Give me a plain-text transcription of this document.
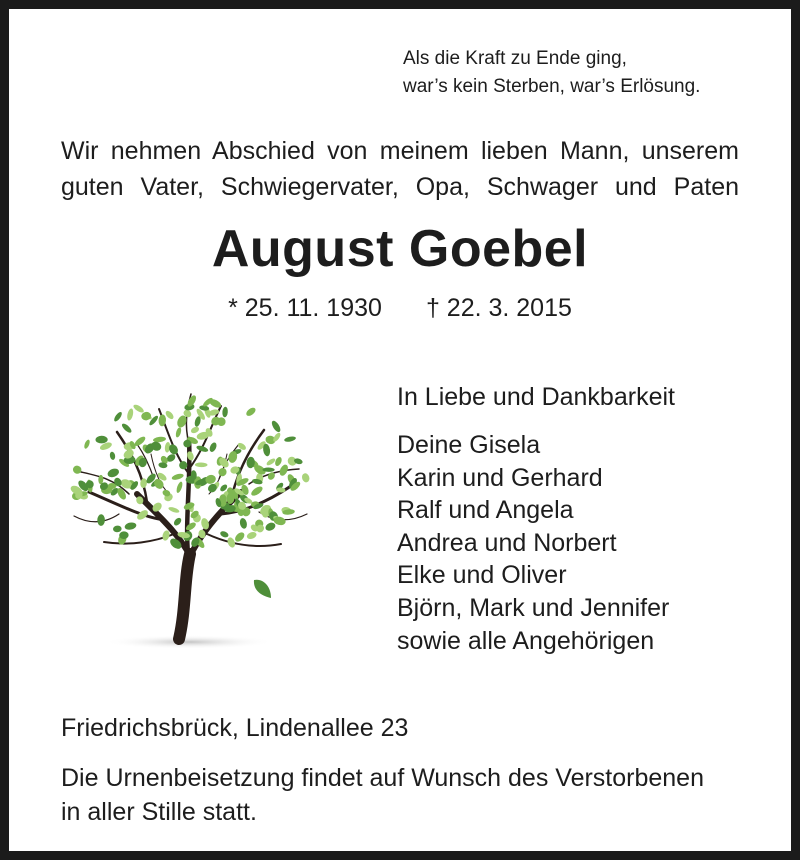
Als die Kraft zu Ende ging,
war’s kein Sterben, war’s Erlösung.
Wir nehmen Abschied von meinem lieben Mann, unserem
guten Vater, Schwiegervater, Opa, Schwager und Paten
August Goebel
* 25. 11. 1930 † 22. 3. 2015
In Liebe und Dankbarkeit
Deine Gisela
Karin und Gerhard
Ralf und Angela
Andrea und Norbert
Elke und Oliver
Björn, Mark und Jennifer
sowie alle Angehörigen
Friedrichsbrück, Lindenallee 23
Die Urnenbeisetzung findet auf Wunsch des Verstorbenen
in aller Stille statt.
